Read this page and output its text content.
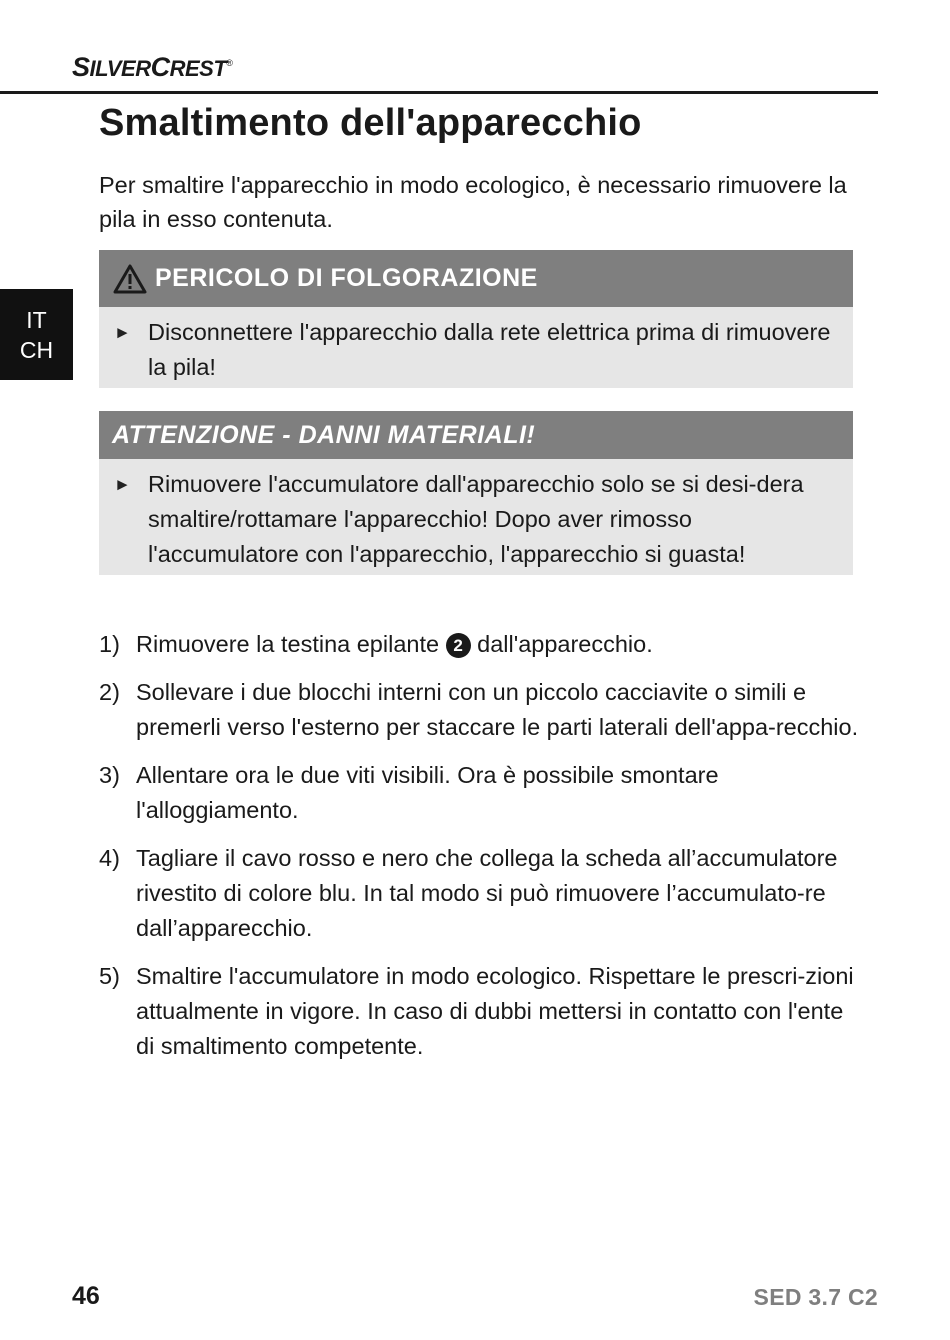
SILVERCREST®
IT
CH
Smaltimento dell'apparecchio

Per smaltire l'apparecchio in modo ecologico, è necessario rimuovere la pila in esso contenuta.

PERICOLO DI FOLGORAZIONE
► Disconnettere l'apparecchio dalla rete elettrica prima di rimuovere la pila!
ATTENZIONE - DANNI MATERIALI!
► Rimuovere l'accumulatore dall'apparecchio solo se si desi-dera smaltire/rottamare l'apparecchio! Dopo aver rimosso l'accumulatore con l'apparecchio, l'apparecchio si guasta!
1) Rimuovere la testina epilante 2 dall'apparecchio.
2) Sollevare i due blocchi interni con un piccolo cacciavite o simili e premerli verso l'esterno per staccare le parti laterali dell'appa-recchio.
3) Allentare ora le due viti visibili. Ora è possibile smontare l'alloggiamento.
4) Tagliare il cavo rosso e nero che collega la scheda all’accumulatore rivestito di colore blu. In tal modo si può rimuovere l’accumulato-re dall’apparecchio.
5) Smaltire l'accumulatore in modo ecologico. Rispettare le prescri-zioni attualmente in vigore. In caso di dubbi mettersi in contatto con l'ente di smaltimento competente.
46	SED 3.7 C2
